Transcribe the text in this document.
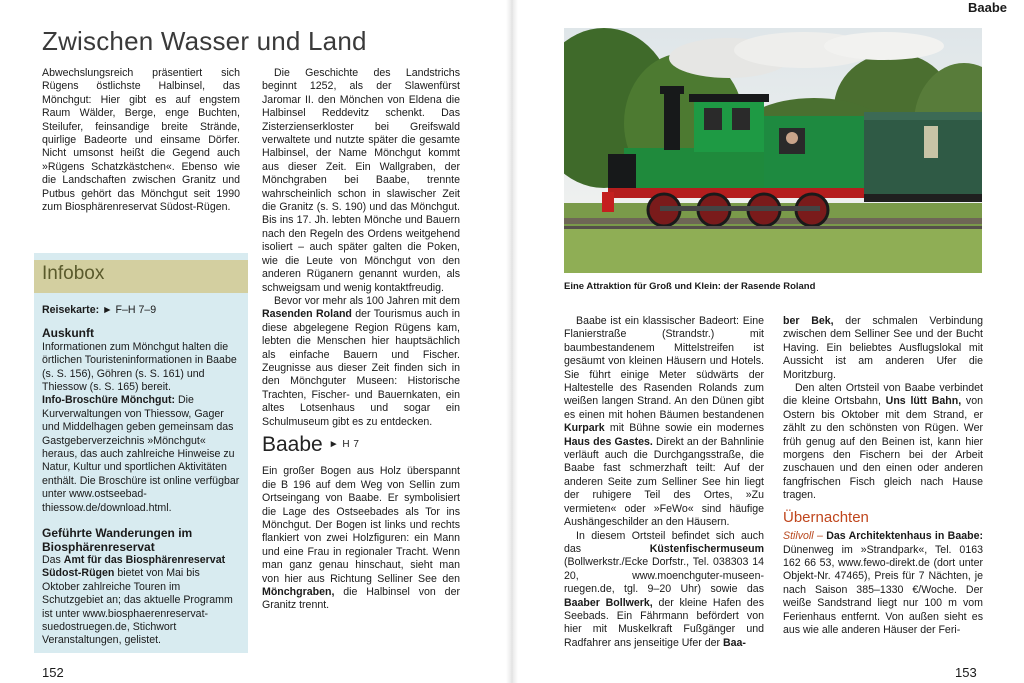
Zwischen Wasser und Land

Abwechslungsreich präsentiert sich Rügens östlichste Halbinsel, das Mönchgut: Hier gibt es auf engstem Raum Wälder, Berge, enge Buchten, Steilufer, feinsandige breite Strände, quirlige Badeorte und einsame Dörfer. Nicht umsonst heißt die Gegend auch »Rügens Schatzkästchen«. Ebenso wie die Landschaften zwischen Granitz und Putbus gehört das Mönchgut seit 1990 zum Biosphärenreservat Südost-Rügen.

Infobox

Reisekarte: ► F–H 7–9

Auskunft

Informationen zum Mönchgut halten die örtlichen Touristeninformationen in Baabe (s. S. 156), Göhren (s. S. 161) und Thiessow (s. S. 165) bereit.

Info-Broschüre Mönchgut: Die Kurverwaltungen von Thiessow, Gager und Middelhagen geben gemeinsam das Gastgeberverzeichnis »Mönchgut« heraus, das auch zahlreiche Hinweise zu Natur, Kultur und sportlichen Aktivitäten enthält. Die Broschüre ist online verfügbar unter www.ostseebad-thiessow.de/download.html.

Geführte Wanderungen im Biosphärenreservat

Das Amt für das Biosphärenreservat Südost-Rügen bietet von Mai bis Oktober zahlreiche Touren im Schutzgebiet an; das aktuelle Programm ist unter www.biosphaerenreservat-suedostruegen.de, Stichwort Veranstaltungen, gelistet.

Die Geschichte des Landstrichs beginnt 1252, als der Slawenfürst Jaromar II. den Mönchen von Eldena die Halbinsel Reddevitz schenkt. Das Zisterzienserkloster bei Greifswald verwaltete und nutzte später die gesamte Halbinsel, der Name Mönchgut kommt aus dieser Zeit. Ein Wallgraben, der Mönchgraben bei Baabe, trennte wahrscheinlich schon in slawischer Zeit die Granitz (s. S. 190) und das Mönchgut. Bis ins 17. Jh. lebten Mönche und Bauern nach den Regeln des Ordens weitgehend isoliert – auch später galten die Poken, wie die Leute von Mönchgut von den anderen Rüganern genannt wurden, als schweigsam und wenig kontaktfreudig.

Bevor vor mehr als 100 Jahren mit dem Rasenden Roland der Tourismus auch in diese abgelegene Region Rügens kam, lebten die Menschen hier hauptsächlich als einfache Bauern und Fischer. Zeugnisse aus dieser Zeit finden sich in den Mönchguter Museen: Historische Trachten, Fischer- und Bauernkaten, ein altes Lotsenhaus und sogar ein Schulmuseum gibt es zu entdecken.

Baabe ► H 7

Ein großer Bogen aus Holz überspannt die B 196 auf dem Weg von Sellin zum Ortseingang von Baabe. Er symbolisiert die Lage des Ostseebades als Tor ins Mönchgut. Der Bogen ist links und rechts flankiert von zwei Holzfiguren: ein Mann und eine Frau in regionaler Tracht. Wenn man ganz genau hinschaut, sieht man von hier aus Richtung Selliner See den Mönchgraben, die Halbinsel von der Granitz trennt.

152
Baabe
Eine Attraktion für Groß und Klein: der Rasende Roland

Baabe ist ein klassischer Badeort: Eine Flanierstraße (Strandstr.) mit baumbestandenem Mittelstreifen ist gesäumt von kleinen Häusern und Hotels. Sie führt einige Meter südwärts der Haltestelle des Rasenden Rolands zum weißen langen Strand. An den Dünen gibt es einen mit hohen Bäumen bestandenen Kurpark mit Bühne sowie ein modernes Haus des Gastes. Direkt an der Bahnlinie verläuft auch die Durchgangsstraße, die Baabe fast schmerzhaft teilt: Auf der anderen Seite zum Selliner See hin liegt der ruhigere Teil des Ortes, »Zu vermieten« oder »FeWo« sind häufige Aushängeschilder an den Häusern.

In diesem Ortsteil befindet sich auch das Küstenfischermuseum (Bollwerkstr./Ecke Dorfstr., Tel. 038303 14 20, www.moenchguter-museen-ruegen.de, tgl. 9–20 Uhr) sowie das Baaber Bollwerk, der kleine Hafen des Seebads. Ein Fährmann befördert von hier mit Muskelkraft Fußgänger und Radfahrer ans jenseitige Ufer der Baa-

ber Bek, der schmalen Verbindung zwischen dem Selliner See und der Bucht Having. Ein beliebtes Ausflugslokal mit Aussicht ist am anderen Ufer die Moritzburg.

Den alten Ortsteil von Baabe verbindet die kleine Ortsbahn, Uns lütt Bahn, von Ostern bis Oktober mit dem Strand, er zählt zu den schönsten von Rügen. Wer früh genug auf den Beinen ist, kann hier morgens den Fischern bei der Arbeit zuschauen und den einen oder anderen fangfrischen Fisch gleich nach Hause tragen.

Übernachten

Stilvoll – Das Architektenhaus in Baabe: Dünenweg im »Strandpark«, Tel. 0163 162 66 53, www.fewo-direkt.de (dort unter Objekt-Nr. 47465), Preis für 7 Nächten, je nach Saison 385–1330 €/Woche. Der weiße Sandstrand liegt nur 100 m vom Ferienhaus entfernt. Von außen sieht es aus wie alle anderen Häuser der Feri-

153
